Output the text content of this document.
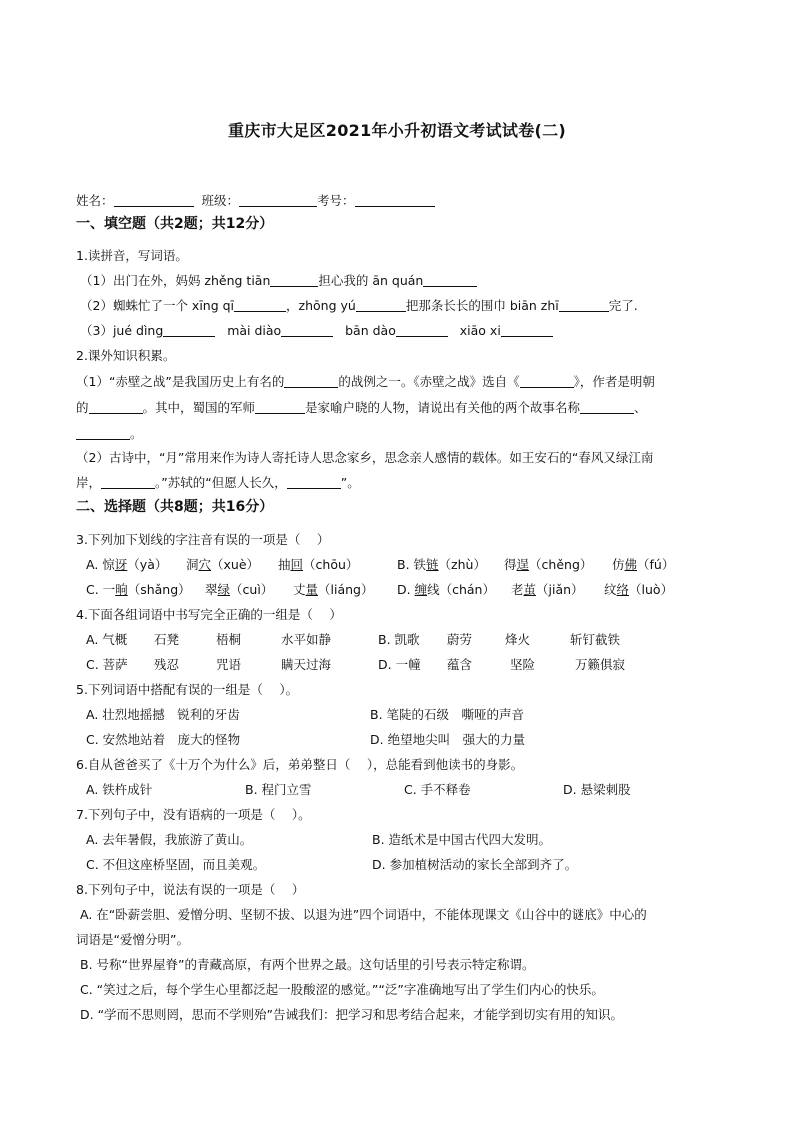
重庆市大足区2021年小升初语文考试试卷(二)
姓名：	班级：	考号：
一、填空题（共2题；共12分）
1.读拼音，写词语。
（1）出门在外，妈妈 zhěng tiān	担心我的 ān quán
（2）蜘蛛忙了一个 xīng qī	，zhōng yú	把那条长长的围巾 biān zhī	完了.
（3）jué dìng	mài diào	bān dào	xiāo xi
2.课外知识积累。
（1）“赤壁之战”是我国历史上有名的	的战例之一。《赤壁之战》选自《	》，作者是明朝
的	。其中，蜀国的军师	是家喻户晓的人物，请说出有关他的两个故事名称	、
。
（2）古诗中，“月”常用来作为诗人寄托诗人思念家乡，思念亲人感情的载体。如王安石的“春风又绿江南
岸，	。”苏轼的“但愿人长久，	”。
二、选择题（共8题；共16分）
3.下列加下划线的字注音有误的一项是（　 ）
A. 惊讶（yà） 洞穴（xuè） 抽回（chōu）	B. 铁链（zhù） 得逞（chěng） 仿佛（fú）
C. 一晌（shǎng） 翠绿（cuì） 丈量（liáng） D. 缠线（chán） 老茧（jiǎn） 纹络（luò）
4.下面各组词语中书写完全正确的一组是（　 ）
A. 气概 石凳	梧桐	水平如静	B. 凯歌 蔚劳	烽火	斩钉截铁
C. 菩萨 残忍	咒语	瞒天过海	D. 一幢 蕴含	坚险	万籁俱寂
5.下列词语中搭配有误的一组是（　 ）。
A. 壮烈地摇撼　锐利的牙齿	B. 笔陡的石级　嘶哑的声音
C. 安然地站着　庞大的怪物	D. 绝望地尖叫　强大的力量
6.自从爸爸买了《十万个为什么》后，弟弟整日（　 ），总能看到他读书的身影。
A. 铁杵成针	B. 程门立雪	C. 手不释卷	D. 悬梁刺股
7.下列句子中，没有语病的一项是（　 ）。
A. 去年暑假，我旅游了黄山。	B. 造纸术是中国古代四大发明。
C. 不但这座桥坚固，而且美观。	D. 参加植树活动的家长全部到齐了。
8.下列句子中，说法有误的一项是（　 ）
A. 在“卧薪尝胆、爱憎分明、坚韧不拔、以退为进”四个词语中，不能体现课文《山谷中的谜底》中心的
词语是“爱憎分明”。
B. 号称“世界屋脊”的青藏高原，有两个世界之最。这句话里的引号表示特定称谓。
C. “笑过之后，每个学生心里都泛起一股酸涩的感觉。”“泛”字准确地写出了学生们内心的快乐。
D. “学而不思则罔，思而不学则殆”告诫我们：把学习和思考结合起来，才能学到切实有用的知识。
